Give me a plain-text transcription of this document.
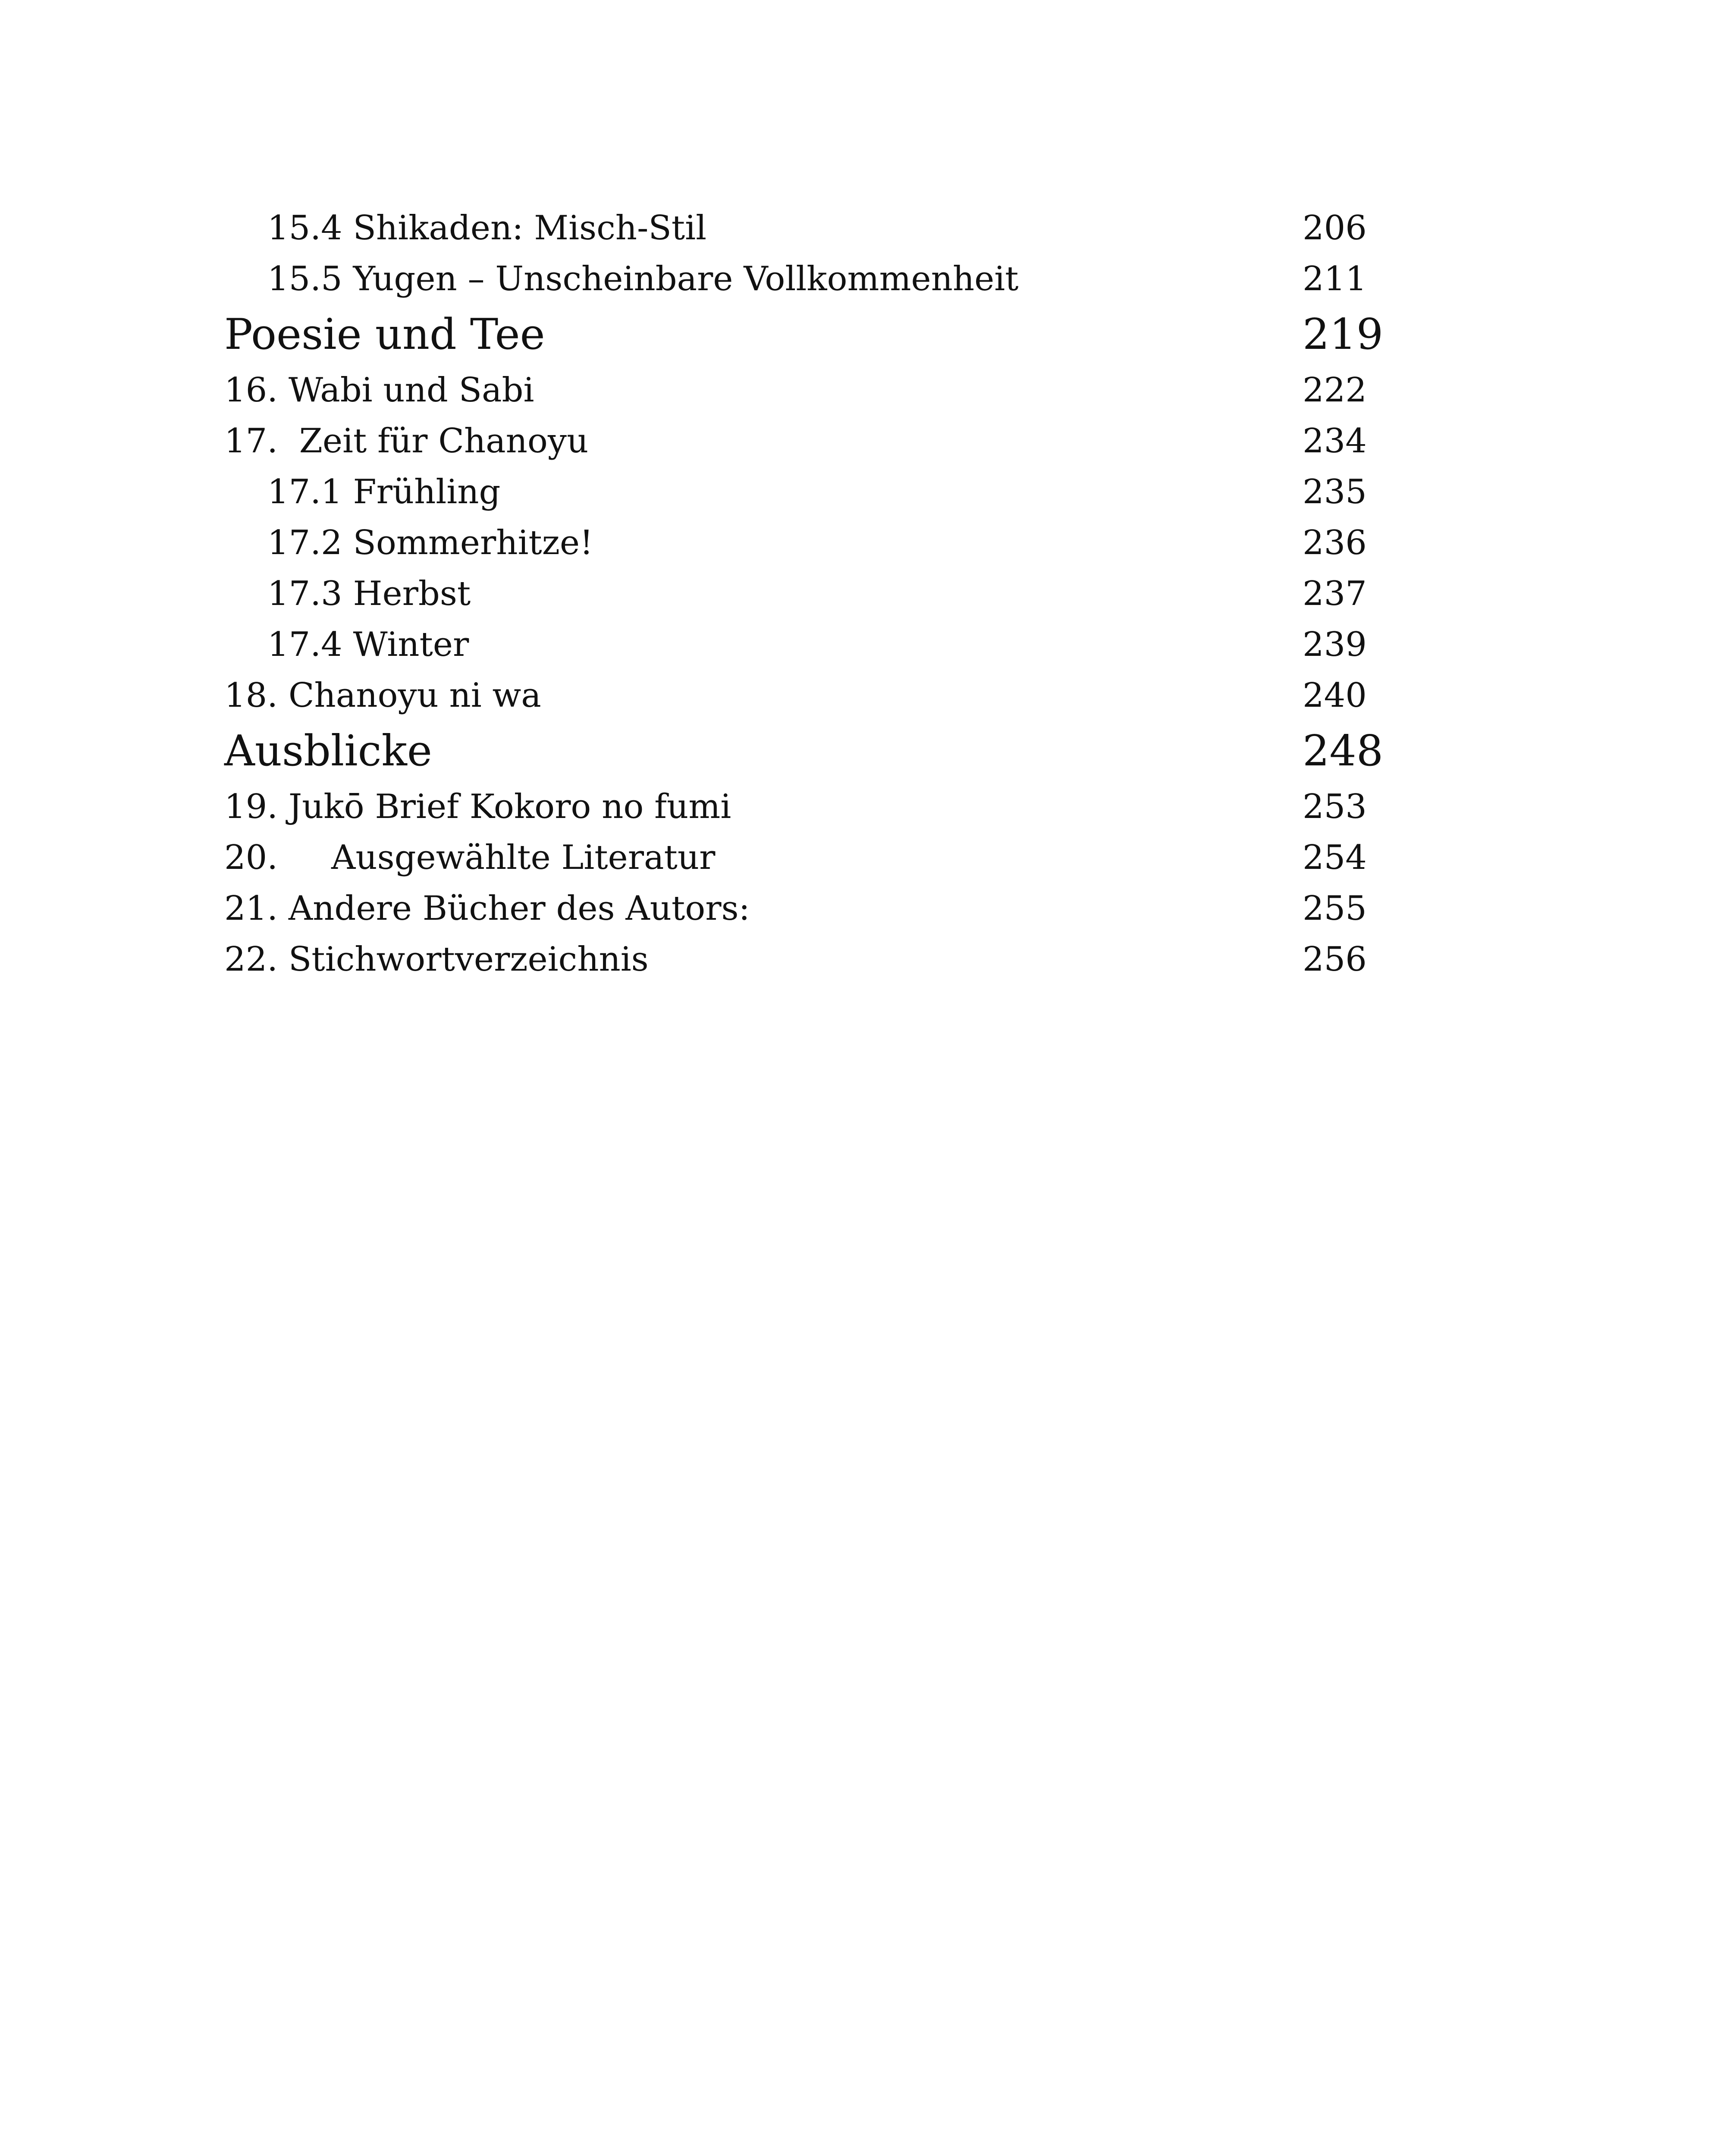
15.4 Shikaden: Misch-Stil	206
15.5 Yugen – Unscheinbare Vollkommenheit	211
Poesie und Tee	219
16. Wabi und Sabi	222
17.  Zeit für Chanoyu	234
17.1 Frühling	235
17.2 Sommerhitze!	236
17.3 Herbst	237
17.4 Winter	239
18. Chanoyu ni wa	240
Ausblicke	248
19. Jukō Brief Kokoro no fumi	253
20.     Ausgewählte Literatur	254
21. Andere Bücher des Autors:	255
22. Stichwortverzeichnis	256
